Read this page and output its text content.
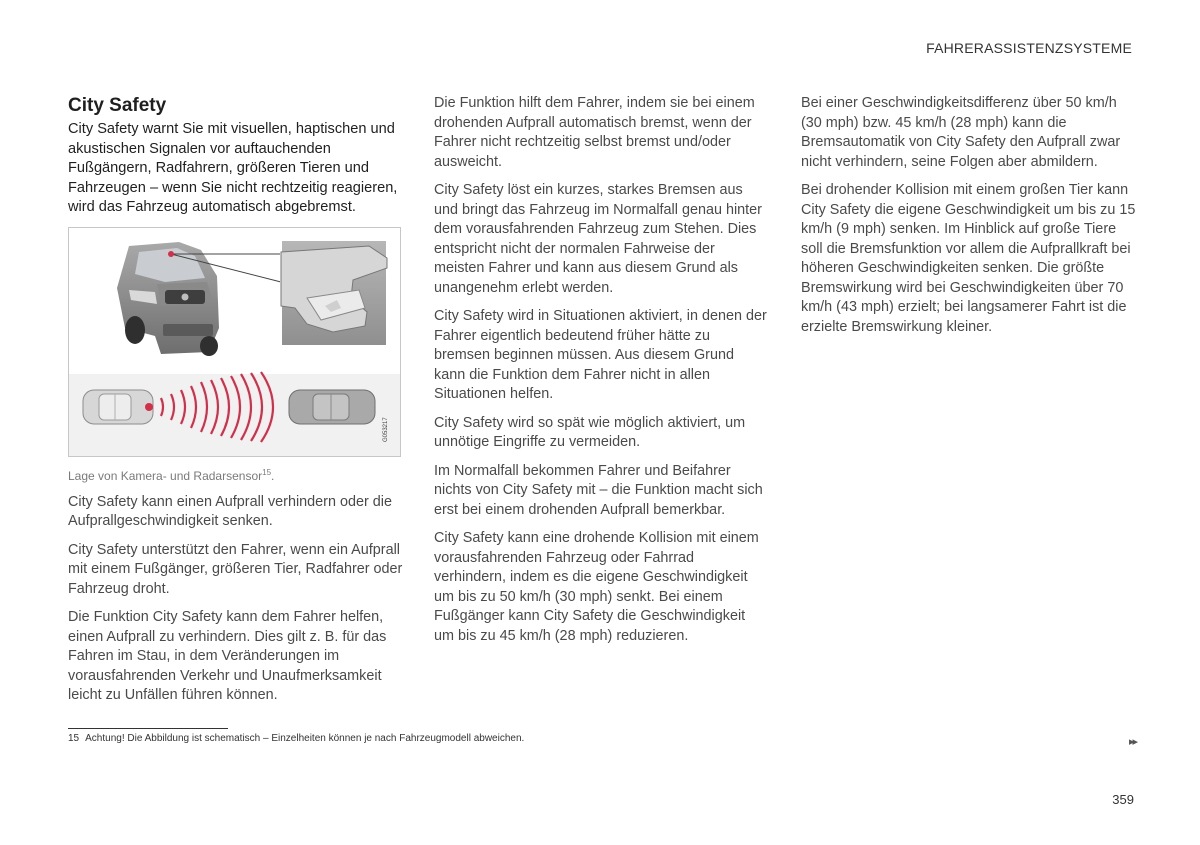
FAHRERASSISTENZSYSTEME
City Safety

City Safety warnt Sie mit visuellen, haptischen und akustischen Signalen vor auftauchenden Fußgängern, Radfahrern, größeren Tieren und Fahrzeugen – wenn Sie nicht rechtzeitig reagieren, wird das Fahrzeug automatisch abgebremst.

G053217

Lage von Kamera- und Radarsensor$^{15}$.

City Safety kann einen Aufprall verhindern oder die Aufprallgeschwindigkeit senken.

City Safety unterstützt den Fahrer, wenn ein Aufprall mit einem Fußgänger, größeren Tier, Radfahrer oder Fahrzeug droht.

Die Funktion City Safety kann dem Fahrer helfen, einen Aufprall zu verhindern. Dies gilt z. B. für das Fahren im Stau, in dem Veränderungen im vorausfahrenden Verkehr und Unaufmerksamkeit leicht zu Unfällen führen können.

Die Funktion hilft dem Fahrer, indem sie bei einem drohenden Aufprall automatisch bremst, wenn der Fahrer nicht rechtzeitig selbst bremst und/oder ausweicht.

City Safety löst ein kurzes, starkes Bremsen aus und bringt das Fahrzeug im Normalfall genau hinter dem vorausfahrenden Fahrzeug zum Stehen. Dies entspricht nicht der normalen Fahrweise der meisten Fahrer und kann aus diesem Grund als unangenehm erlebt werden.

City Safety wird in Situationen aktiviert, in denen der Fahrer eigentlich bedeutend früher hätte zu bremsen beginnen müssen. Aus diesem Grund kann die Funktion dem Fahrer nicht in allen Situationen helfen.

City Safety wird so spät wie möglich aktiviert, um unnötige Eingriffe zu vermeiden.

Im Normalfall bekommen Fahrer und Beifahrer nichts von City Safety mit – die Funktion macht sich erst bei einem drohenden Aufprall bemerkbar.

City Safety kann eine drohende Kollision mit einem vorausfahrenden Fahrzeug oder Fahrrad verhindern, indem es die eigene Geschwindigkeit um bis zu 50 km/h (30 mph) senkt. Bei einem Fußgänger kann City Safety die Geschwindigkeit um bis zu 45 km/h (28 mph) reduzieren.

Bei einer Geschwindigkeitsdifferenz über 50 km/h (30 mph) bzw. 45 km/h (28 mph) kann die Bremsautomatik von City Safety den Aufprall zwar nicht verhindern, seine Folgen aber abmildern.

Bei drohender Kollision mit einem großen Tier kann City Safety die eigene Geschwindigkeit um bis zu 15 km/h (9 mph) senken. Im Hinblick auf große Tiere soll die Bremsfunktion vor allem die Aufprallkraft bei höheren Geschwindigkeiten senken. Die größte Bremswirkung wird bei Geschwindigkeiten über 70 km/h (43 mph) erzielt; bei langsamerer Fahrt ist die erzielte Bremswirkung kleiner.

15 Achtung! Die Abbildung ist schematisch – Einzelheiten können je nach Fahrzeugmodell abweichen.	▸▸
359
